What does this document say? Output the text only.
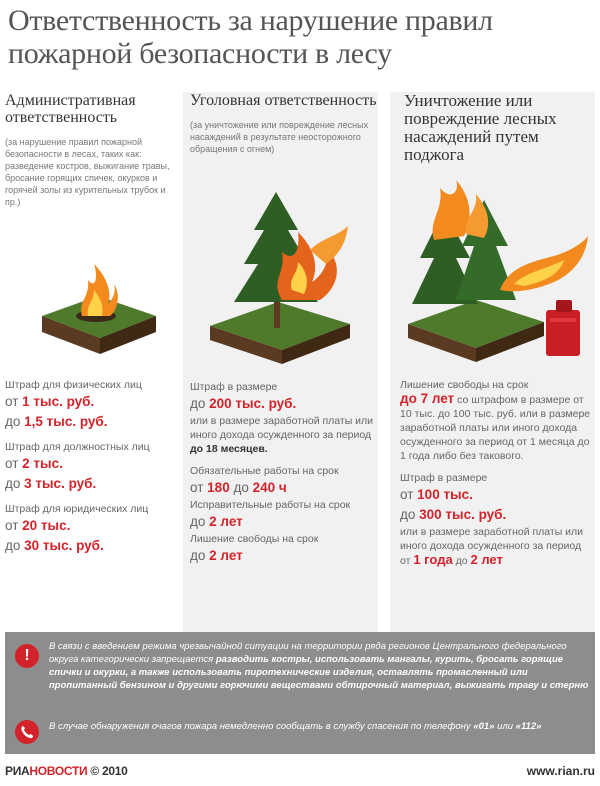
Ответственность за нарушение правил пожарной безопасности в лесу
Административная ответственность
(за нарушение правил пожарной безопасности в лесах, таких как: разведение костров, выжигание травы, бросание горящих спичек, окурков и горячей золы из курительных трубок и пр.)
Штраф для физических лиц
от 1 тыс. руб.
до 1,5 тыс. руб.
Штраф для должностных лиц
от 2 тыс.
до 3 тыс. руб.
Штраф для юридических лиц
от 20 тыс.
до 30 тыс. руб.
Уголовная ответственность
(за уничтожение или повреждение лесных насаждений в результате неосторожного обращения с огнем)
Штраф в размере
до 200 тыс. руб.
или в размере заработной платы или иного дохода осужденного за период до 18 месяцев.
Обязательные работы на срок
от 180 до 240 ч
Исправительные работы на срок
до 2 лет
Лишение свободы на срок
до 2 лет
Уничтожение или повреждение лесных насаждений путем поджога
Лишение свободы на срок
до 7 лет со штрафом в размере от 10 тыс. до 100 тыс. руб. или в размере заработной платы или иного дохода осужденного за период от 1 месяца до 1 года либо без такового.
Штраф в размере
от 100 тыс.
до 300 тыс. руб.
или в размере заработной платы или иного дохода осужденного за период от 1 года до 2 лет
!
В связи с введением режима чрезвычайной ситуации на территории ряда регионов Центрального федерального округа категорически запрещается разводить костры, использовать мангалы, курить, бросать горящие спички и окурки, а также использовать пиротехнические изделия, оставлять промасленный или пропитанный бензином и другими горючими веществами обтирочный материал, выжигать траву и стерню
В случае обнаружения очагов пожара немедленно сообщать в службу спасения по телефону «01» или «112»
РИАНОВОСТИ © 2010	www.rian.ru
